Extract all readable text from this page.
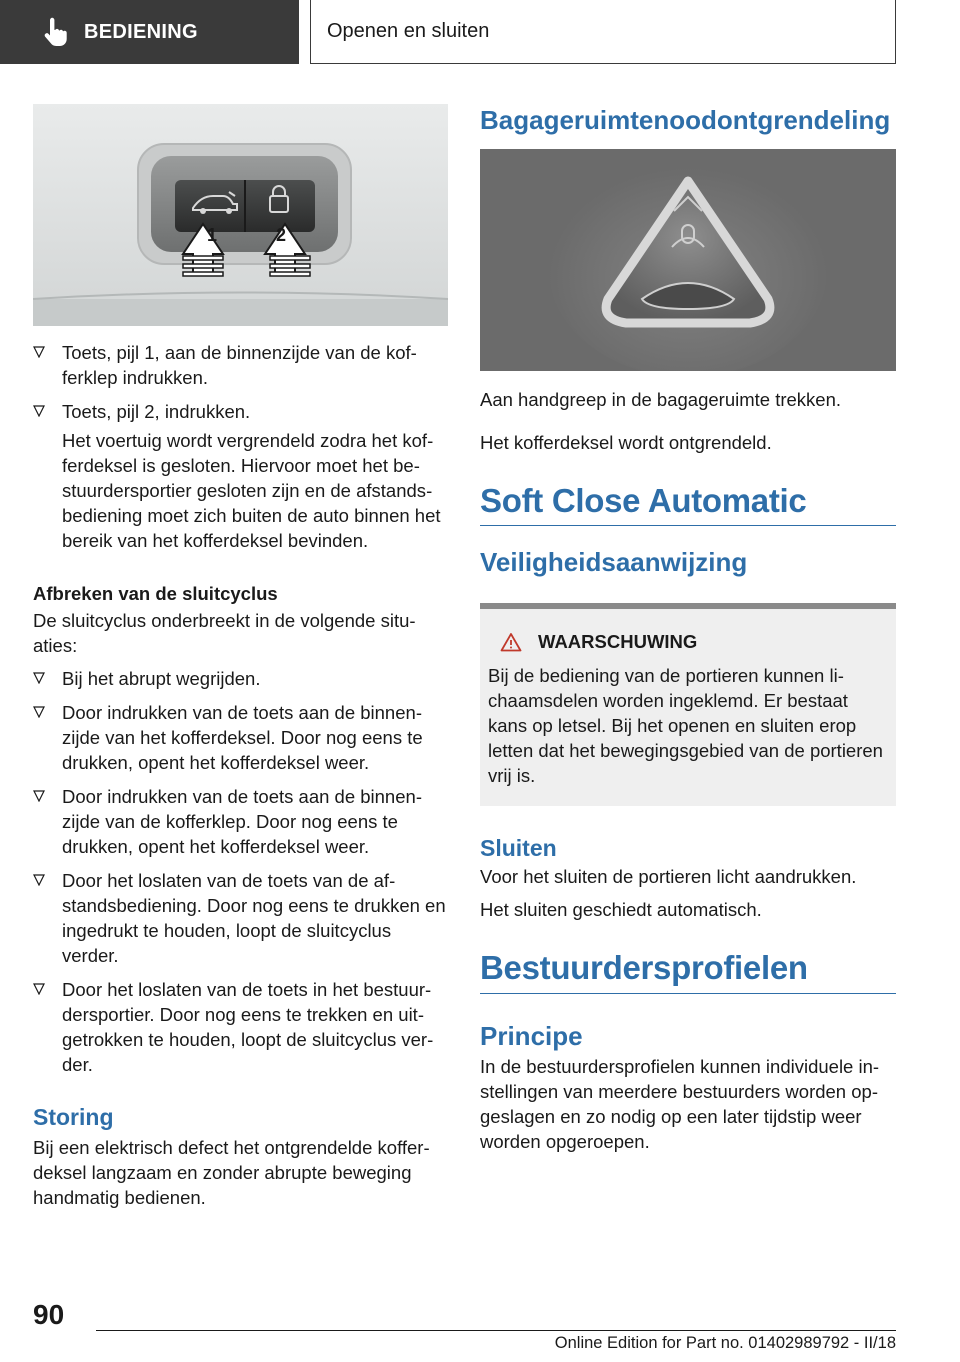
BEDIENING	Openen en sluiten
1	2
Toets, pijl 1, aan de binnenzijde van de kofferklep indrukken.
Toets, pijl 2, indrukken.
Het voertuig wordt vergrendeld zodra het kofferdeksel is gesloten. Hiervoor moet het bestuurdersportier gesloten zijn en de afstandsbediening moet zich buiten de auto binnen het bereik van het kofferdeksel bevinden.
Afbreken van de sluitcyclus
De sluitcyclus onderbreekt in de volgende situaties:
Bij het abrupt wegrijden.
Door indrukken van de toets aan de binnenzijde van het kofferdeksel. Door nog eens te drukken, opent het kofferdeksel weer.
Door indrukken van de toets aan de binnenzijde van de kofferklep. Door nog eens te drukken, opent het kofferdeksel weer.
Door het loslaten van de toets van de afstandsbediening. Door nog eens te drukken en ingedrukt te houden, loopt de sluitcyclus verder.
Door het loslaten van de toets in het bestuurdersportier. Door nog eens te trekken en uitgetrokken te houden, loopt de sluitcyclus verder.
Storing
Bij een elektrisch defect het ontgrendelde kofferdeksel langzaam en zonder abrupte beweging handmatig bedienen.
Bagageruimtenoodontgrendeling
Aan handgreep in de bagageruimte trekken.
Het kofferdeksel wordt ontgrendeld.
Soft Close Automatic
Veiligheidsaanwijzing
WAARSCHUWING
Bij de bediening van de portieren kunnen lichaamsdelen worden ingeklemd. Er bestaat kans op letsel. Bij het openen en sluiten erop letten dat het bewegingsgebied van de portieren vrij is.
Sluiten
Voor het sluiten de portieren licht aandrukken.
Het sluiten geschiedt automatisch.
Bestuurdersprofielen
Principe
In de bestuurdersprofielen kunnen individuele instellingen van meerdere bestuurders worden opgeslagen en zo nodig op een later tijdstip weer worden opgeroepen.
90
Online Edition for Part no. 01402989792 - II/18
